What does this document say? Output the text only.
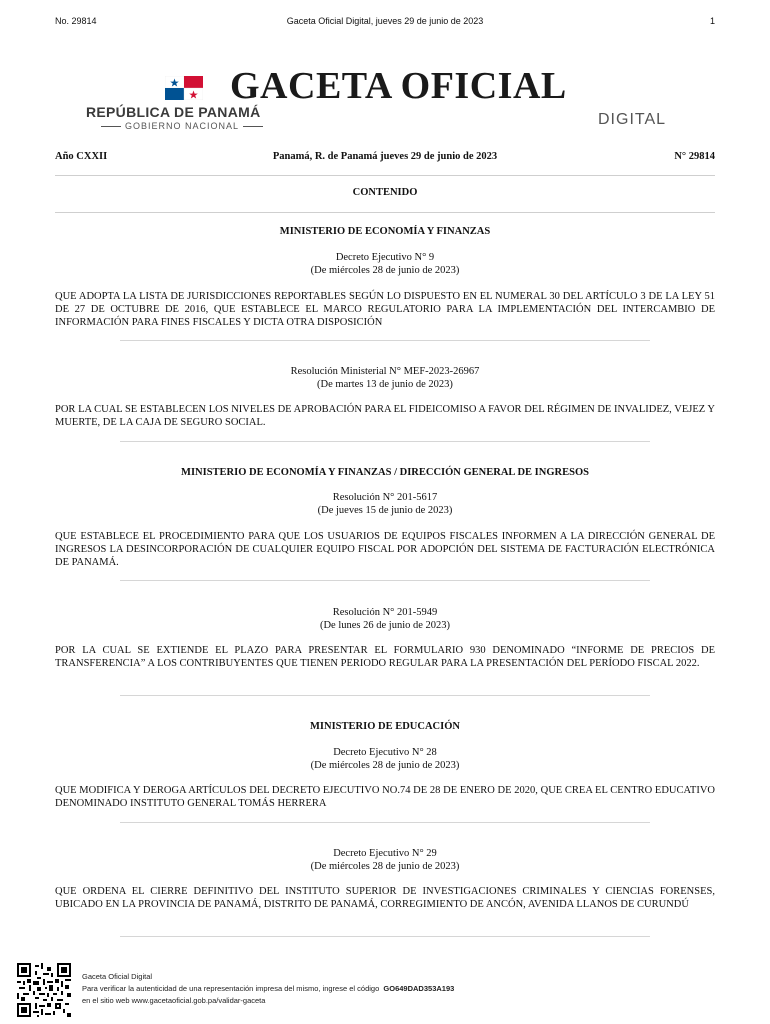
No. 29814	Gaceta Oficial Digital, jueves 29 de junio de 2023	1
GACETA OFICIAL
REPÚBLICA DE PANAMÁ
GOBIERNO NACIONAL	DIGITAL
Año CXXII	Panamá, R. de Panamá jueves 29 de junio de 2023	N° 29814
CONTENIDO
MINISTERIO DE ECONOMÍA Y FINANZAS
Decreto Ejecutivo N° 9
(De miércoles 28 de junio de 2023)
QUE ADOPTA LA LISTA DE JURISDICCIONES REPORTABLES SEGÚN LO DISPUESTO EN EL NUMERAL 30 DEL ARTÍCULO 3 DE LA LEY 51 DE 27 DE OCTUBRE DE 2016, QUE ESTABLECE EL MARCO REGULATORIO PARA LA IMPLEMENTACIÓN DEL INTERCAMBIO DE INFORMACIÓN PARA FINES FISCALES Y DICTA OTRA DISPOSICIÓN
Resolución Ministerial N° MEF-2023-26967
(De martes 13 de junio de 2023)
POR LA CUAL SE ESTABLECEN LOS NIVELES DE APROBACIÓN PARA EL FIDEICOMISO A FAVOR DEL RÉGIMEN DE INVALIDEZ, VEJEZ Y MUERTE, DE LA CAJA DE SEGURO SOCIAL.
MINISTERIO DE ECONOMÍA Y FINANZAS / DIRECCIÓN GENERAL DE INGRESOS
Resolución N° 201-5617
(De jueves 15 de junio de 2023)
QUE ESTABLECE EL PROCEDIMIENTO PARA QUE LOS USUARIOS DE EQUIPOS FISCALES INFORMEN A LA DIRECCIÓN GENERAL DE INGRESOS LA DESINCORPORACIÓN DE CUALQUIER EQUIPO FISCAL POR ADOPCIÓN DEL SISTEMA DE FACTURACIÓN ELECTRÓNICA DE PANAMÁ.
Resolución N° 201-5949
(De lunes 26 de junio de 2023)
POR LA CUAL SE EXTIENDE EL PLAZO PARA PRESENTAR EL FORMULARIO 930 DENOMINADO “INFORME DE PRECIOS DE TRANSFERENCIA” A LOS CONTRIBUYENTES QUE TIENEN PERIODO REGULAR PARA LA PRESENTACIÓN DEL PERÍODO FISCAL 2022.
MINISTERIO DE EDUCACIÓN
Decreto Ejecutivo N° 28
(De miércoles 28 de junio de 2023)
QUE MODIFICA Y DEROGA ARTÍCULOS DEL DECRETO EJECUTIVO NO.74 DE 28 DE ENERO DE 2020, QUE CREA EL CENTRO EDUCATIVO DENOMINADO INSTITUTO GENERAL TOMÁS HERRERA
Decreto Ejecutivo N° 29
(De miércoles 28 de junio de 2023)
QUE ORDENA EL CIERRE DEFINITIVO DEL INSTITUTO SUPERIOR DE INVESTIGACIONES CRIMINALES Y CIENCIAS FORENSES, UBICADO EN LA PROVINCIA DE PANAMÁ, DISTRITO DE PANAMÁ, CORREGIMIENTO DE ANCÓN, AVENIDA LLANOS DE CURUNDÚ
Gaceta Oficial Digital
Para verificar la autenticidad de una representación impresa del mismo, ingrese el código GO649DAD353A193
en el sitio web www.gacetaoficial.gob.pa/validar-gaceta
